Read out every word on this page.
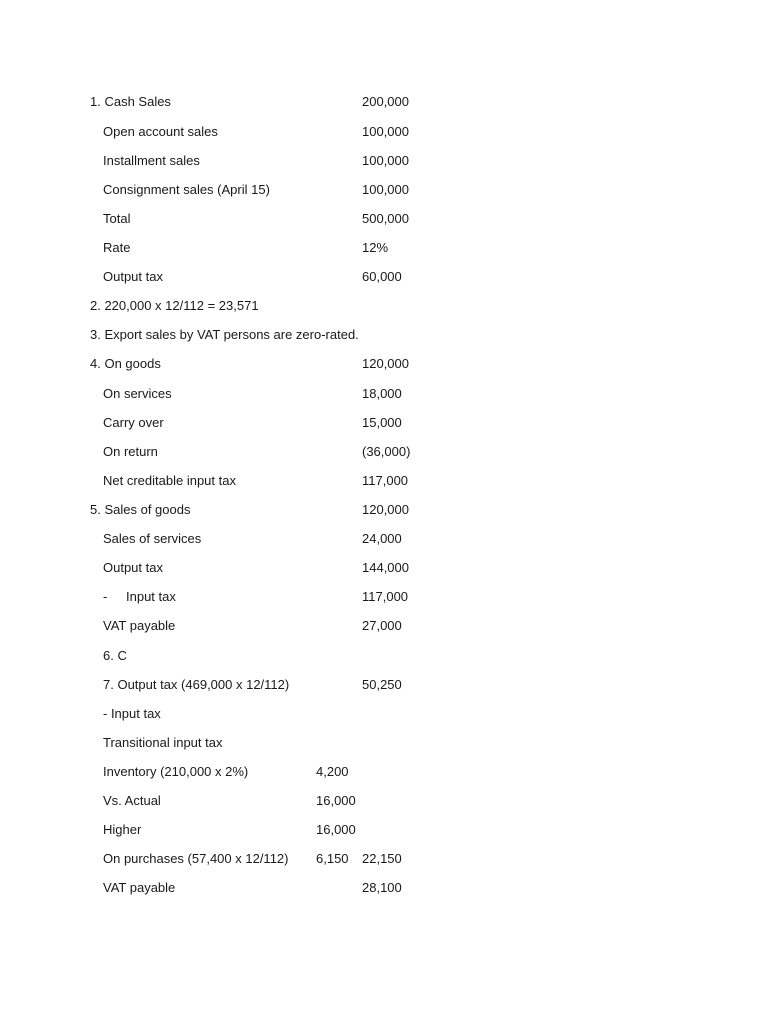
1. Cash Sales	200,000
Open account sales	100,000
Installment sales	100,000
Consignment sales (April 15)	100,000
Total	500,000
Rate	12%
Output tax	60,000
2. 220,000 x 12/112 = 23,571
3. Export sales by VAT persons are zero-rated.
4. On goods	120,000
On services	18,000
Carry over	15,000
On return	(36,000)
Net creditable input tax	117,000
5. Sales of goods	120,000
Sales of services	24,000
Output tax	144,000
- Input tax	117,000
VAT payable	27,000
6. C
7. Output tax (469,000 x 12/112)	50,250
- Input tax
Transitional input tax
Inventory (210,000 x 2%)	4,200
Vs. Actual	16,000
Higher	16,000
On purchases (57,400 x 12/112) 6,150 22,150
VAT payable	28,100
